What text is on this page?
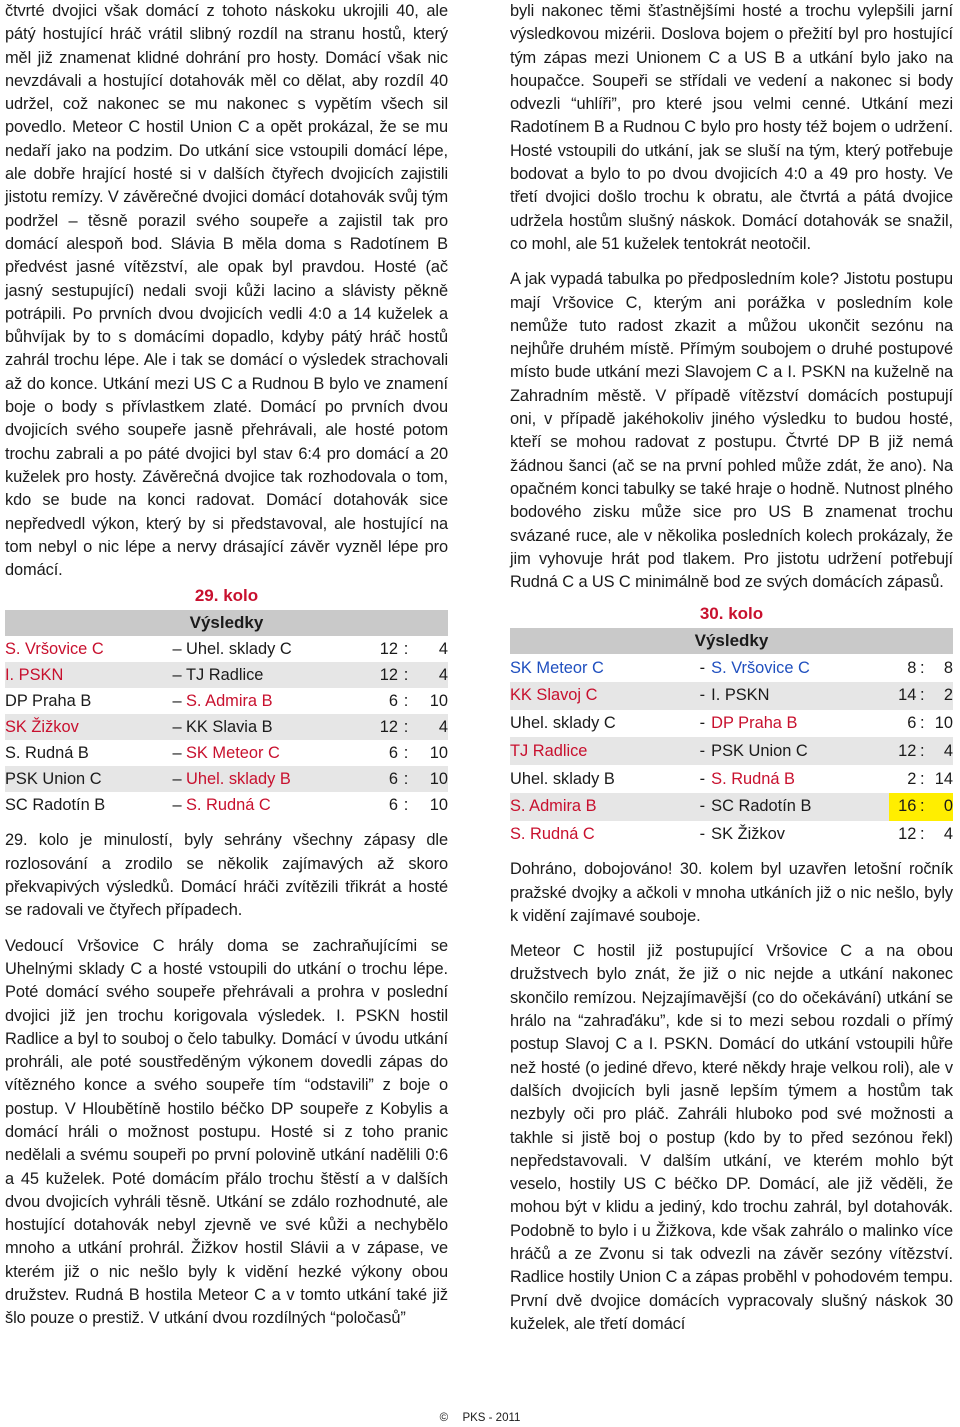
čtvrté dvojici však domácí z tohoto náskoku ukrojili 40, ale pátý hostující hráč vrátil slibný rozdíl na stranu hostů, který měl již znamenat klidné dohrání pro hosty. Domácí však nic nevzdávali a hostující dotahovák měl co dělat, aby rozdíl 40 udržel, což nakonec se mu nakonec s vypětím všech sil povedlo. Meteor C hostil Union C a opět prokázal, že se mu nedaří jako na podzim. Do utkání sice vstoupili domácí lépe, ale dobře hrající hosté si v dalších čtyřech dvojicích zajistili jistotu remízy. V závěrečné dvojici domácí dotahovák svůj tým podržel – těsně porazil svého soupeře a zajistil tak pro domácí alespoň bod. Slávia B měla doma s Radotínem B předvést jasné vítězství, ale opak byl pravdou. Hosté (ač jasný sestupující) nedali svoji kůži lacino a slávisty pěkně potrápili. Po prvních dvou dvojicích vedli 4:0 a 14 kuželek a bůhvíjak by to s domácími dopadlo, kdyby pátý hráč hostů zahrál trochu lépe. Ale i tak se domácí o výsledek strachovali až do konce. Utkání mezi US C a Rudnou B bylo ve znamení boje o body s přívlastkem zlaté. Domácí po prvních dvou dvojicích svého soupeře jasně přehrávali, ale hosté potom trochu zabrali a po páté dvojici byl stav 6:4 pro domácí a 20 kuželek pro hosty. Závěrečná dvojice tak rozhodovala o tom, kdo se bude na konci radovat. Domácí dotahovák sice nepředvedl výkon, který by si představoval, ale hostující na tom nebyl o nic lépe a nervy drásající závěr vyzněl lépe pro domácí.

29. kolo
Výsledky
S. Vršovice C	–	Uhel. sklady C	12	:	4
I. PSKN	–	TJ Radlice	12	:	4
DP Praha B	–	S. Admira B	6	:	10
SK Žižkov	–	KK Slavia B	12	:	4
S. Rudná B	–	SK Meteor C	6	:	10
PSK Union C	–	Uhel. sklady B	6	:	10
SC Radotín B	–	S. Rudná C	6	:	10

29. kolo je minulostí, byly sehrány všechny zápasy dle rozlosování a zrodilo se několik zajímavých až skoro překvapivých výsledků. Domácí hráči zvítězili třikrát a hosté se radovali ve čtyřech případech.

Vedoucí Vršovice C hrály doma se zachraňujícími se Uhelnými sklady C a hosté vstoupili do utkání o trochu lépe. Poté domácí svého soupeře přehrávali a prohra v poslední dvojici již jen trochu korigovala výsledek. I. PSKN hostil Radlice a byl to souboj o čelo tabulky. Domácí v úvodu utkání prohráli, ale poté soustředěným výkonem dovedli zápas do vítězného konce a svého soupeře tím “odstavili” z boje o postup. V Hloubětíně hostilo béčko DP soupeře z Kobylis a domácí hráli o možnost postupu. Hosté si z toho pranic nedělali a svému soupeři po první polovině utkání nadělili 0:6 a 45 kuželek. Poté domácím přálo trochu štěstí a v dalších dvou dvojicích vyhráli těsně. Utkání se zdálo rozhodnuté, ale hostující dotahovák nebyl zjevně ve své kůži a nechybělo mnoho a utkání prohrál. Žižkov hostil Slávii a v zápase, ve kterém již o nic nešlo byly k vidění hezké výkony obou družstev. Rudná B hostila Meteor C a v tomto utkání také již šlo pouze o prestiž. V utkání dvou rozdílných “poločasů”

byli nakonec těmi šťastnějšími hosté a trochu vylepšili jarní výsledkovou mizérii. Doslova bojem o přežití byl pro hostující tým zápas mezi Unionem C a US B a utkání bylo jako na houpačce. Soupeři se střídali ve vedení a nakonec si body odvezli “uhlíři”, pro které jsou velmi cenné. Utkání mezi Radotínem B a Rudnou C bylo pro hosty též bojem o udržení. Hosté vstoupili do utkání, jak se sluší na tým, který potřebuje bodovat a bylo to po dvou dvojicích 4:0 a 49 pro hosty. Ve třetí dvojici došlo trochu k obratu, ale čtvrtá a pátá dvojice udržela hostům slušný náskok. Domácí dotahovák se snažil, co mohl, ale 51 kuželek tentokrát neotočil.

A jak vypadá tabulka po předposledním kole? Jistotu postupu mají Vršovice C, kterým ani porážka v posledním kole nemůže tuto radost zkazit a můžou ukončit sezónu na nejhůře druhém místě. Přímým soubojem o druhé postupové místo bude utkání mezi Slavojem C a I. PSKN na kuželně na Zahradním městě. V případě vítězství domácích postupují oni, v případě jakéhokoliv jiného výsledku to budou hosté, kteří se mohou radovat z postupu. Čtvrté DP B již nemá žádnou šanci (ač se na první pohled může zdát, že ano). Na opačném konci tabulky se také hraje o hodně. Nutnost plného bodového zisku může sice pro US B znamenat trochu svázané ruce, ale v několika posledních kolech prokázaly, že jim vyhovuje hrát pod tlakem. Pro jistotu udržení potřebují Rudná C a US C minimálně bod ze svých domácích zápasů.

30. kolo
Výsledky
SK Meteor C	-	S. Vršovice C	8	:	8
KK Slavoj C	-	I. PSKN	14	:	2
Uhel. sklady C	-	DP Praha B	6	:	10
TJ Radlice	-	PSK Union C	12	:	4
Uhel. sklady B	-	S. Rudná B	2	:	14
S. Admira B	-	SC Radotín B	16	:	0
S. Rudná C	-	SK Žižkov	12	:	4

Dohráno, dobojováno! 30. kolem byl uzavřen letošní ročník pražské dvojky a ačkoli v mnoha utkáních již o nic nešlo, byly k vidění zajímavé souboje.

Meteor C hostil již postupující Vršovice C a na obou družstvech bylo znát, že již o nic nejde a utkání nakonec skončilo remízou. Nejzajímavější (co do očekávání) utkání se hrálo na “zahraďáku”, kde si to mezi sebou rozdali o přímý postup Slavoj C a I. PSKN. Domácí do utkání vstoupili hůře než hosté (o jediné dřevo, které někdy hraje velkou roli), ale v dalších dvojicích byli jasně lepším týmem a hostům tak nezbyly oči pro pláč. Zahráli hluboko pod své možnosti a takhle si jistě boj o postup (kdo by to před sezónou řekl) nepředstavovali. V dalším utkání, ve kterém mohlo být veselo, hostily US C béčko DP. Domácí, ale již věděli, že mohou být v klidu a jediný, kdo trochu zahrál, byl dotahovák. Podobně to bylo i u Žižkova, kde však zahrálo o malinko více hráčů a ze Zvonu si tak odvezli na závěr sezóny vítězství. Radlice hostily Union C a zápas proběhl v pohodovém tempu. První dvě dvojice domácích vypracovaly slušný náskok 30 kuželek, ale třetí domácí

© PKS - 2011
